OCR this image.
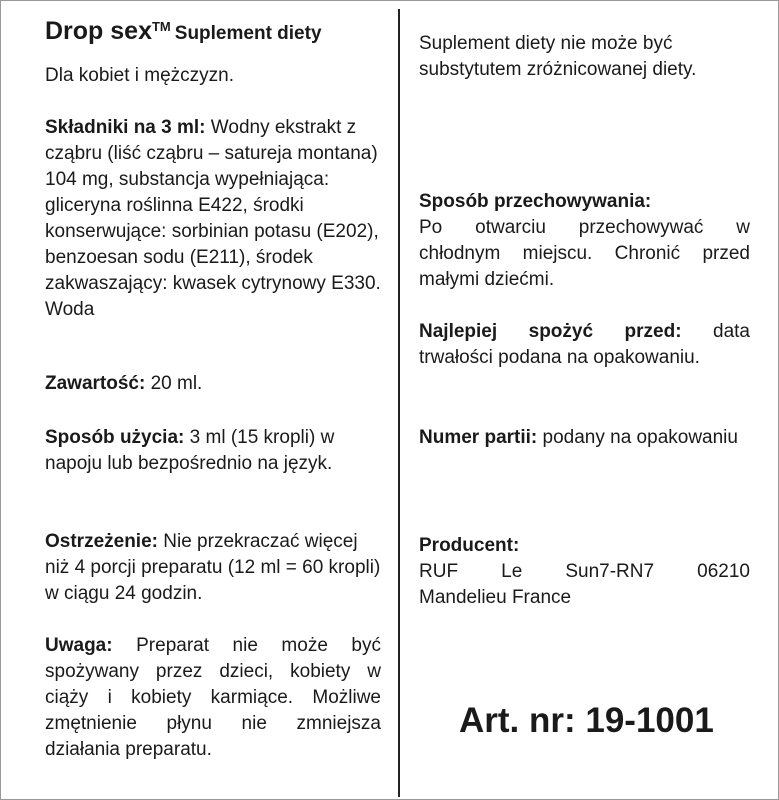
Drop sex™ Suplement diety

Dla kobiet i mężczyzn.

Składniki na 3 ml: Wodny ekstrakt z cząbru (liść cząbru – satureja montana) 104 mg, substancja wypełniająca: gliceryna roślinna E422, środki konserwujące: sorbinian potasu (E202), benzoesan sodu (E211), środek zakwaszający: kwasek cytrynowy E330. Woda

Zawartość: 20 ml.

Sposób użycia: 3 ml (15 kropli) w napoju lub bezpośrednio na język.

Ostrzeżenie: Nie przekraczać więcej niż 4 porcji preparatu (12 ml = 60 kropli) w ciągu 24 godzin.

Uwaga: Preparat nie może być spożywany przez dzieci, kobiety w ciąży i kobiety karmiące. Możliwe zmętnienie płynu nie zmniejsza działania preparatu.

Suplement diety nie może być substytutem zróżnicowanej diety.

Sposób przechowywania:
Po otwarciu przechowywać w chłodnym miejscu. Chronić przed małymi dziećmi.

Najlepiej spożyć przed: data trwałości podana na opakowaniu.

Numer partii: podany na opakowaniu

Producent:

RUF Le Sun7-RN7 06210
Mandelieu France

Art. nr: 19-1001
